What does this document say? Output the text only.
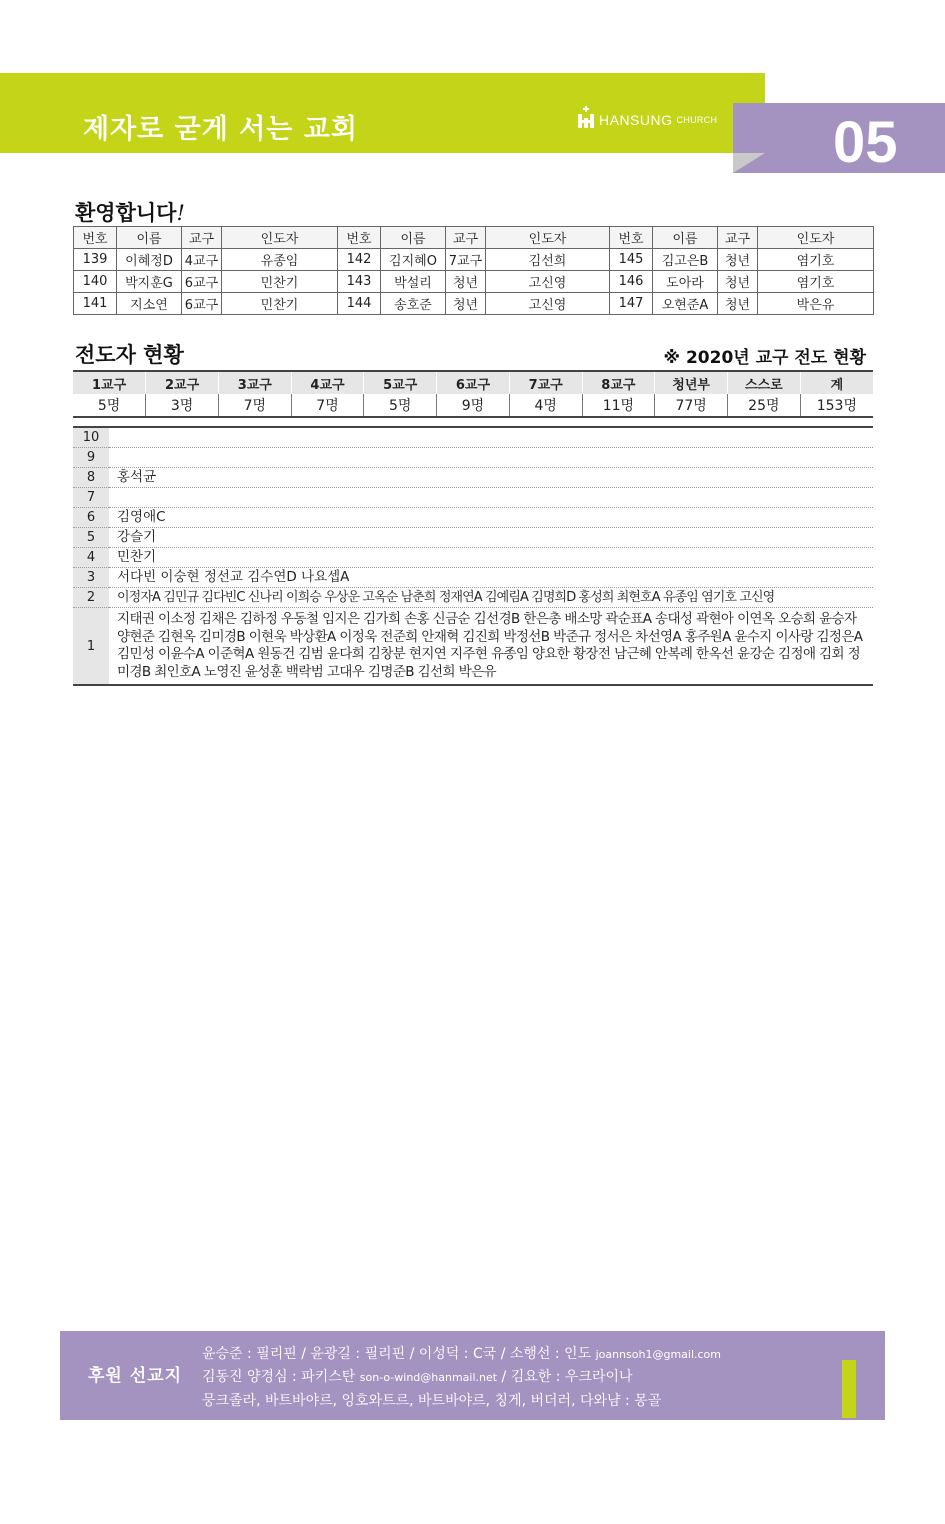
제자로 굳게 서는 교회	HANSUNG CHURCH 05
환영합니다!
번호	이름	교구	인도자	번호	이름	교구	인도자	번호	이름	교구	인도자
139	이혜정D	4교구	유종임	142	김지혜O	7교구	김선희	145	김고은B	청년	염기호
140	박지훈G	6교구	민찬기	143	박설리	청년	고신영	146	도아라	청년	염기호
141	지소연	6교구	민찬기	144	송호준	청년	고신영	147	오현준A	청년	박은유
전도자 현황	※ 2020년 교구 전도 현황
1교구	2교구	3교구	4교구	5교구	6교구	7교구	8교구	청년부	스스로	계
5명	3명	7명	7명	5명	9명	4명	11명	77명	25명	153명
10	
9	
8	홍석균
7	
6	김영애C
5	강슬기
4	민찬기
3	서다빈 이숭현 정선교 김수연D 나요셉A
2	이정자A 김민규 김다빈C 신나리 이희승 우상운 고옥순 남춘희 정재연A 김예림A 김명희D 홍성희 최현호A 유종임 염기호 고신영
1	지태권 이소정 김채은 김하정 우동철 임지은 김가희 손홍 신금순 김선경B 한은총 배소망 곽순표A 송대성 곽현아 이연옥 오승희 윤승자 양현준 김현옥 김미경B 이현욱 박상환A 이정욱 전준희 안재혁 김진희 박정선B 박준규 정서은 차선영A 홍주원A 윤수지 이사랑 김정은A 김민성 이윤수A 이준혁A 원동건 김범 윤다희 김창분 현지연 지주현 유종임 양요한 황장전 남근혜 안복례 한옥선 윤강순 김정애 김회 정미경B 최인호A 노영진 윤성훈 백락범 고대우 김명준B 김선희 박은유
후원 선교지
윤승준 : 필리핀 / 윤광길 : 필리핀 / 이성덕 : C국 / 소행선 : 인도 joannsoh1@gmail.com
김동진 양경심 : 파키스탄 son-o-wind@hanmail.net / 김요한 : 우크라이나
뭉크졸라, 바트바야르, 잉호와트르, 바트바야르, 칭게, 버더러, 다와냠 : 몽골
